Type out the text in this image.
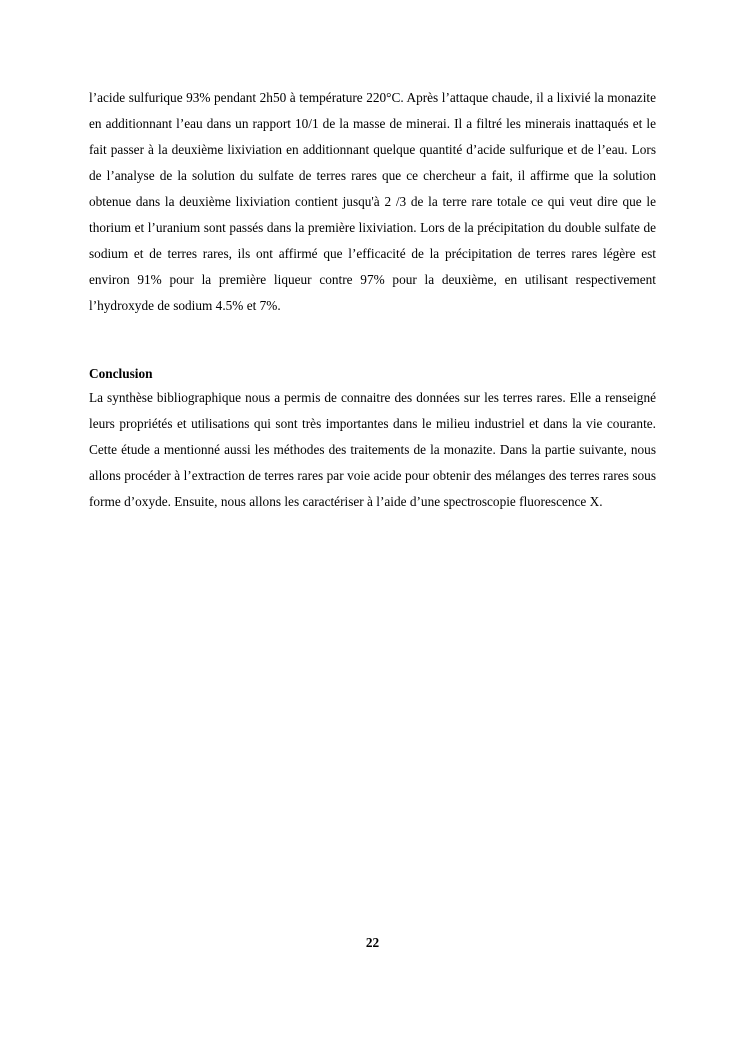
l’acide sulfurique 93% pendant 2h50 à température 220°C. Après l’attaque chaude, il a lixivié la monazite en additionnant l’eau dans un rapport 10/1 de la masse de minerai. Il a filtré les minerais inattaqués et le fait passer à la deuxième lixiviation en additionnant quelque quantité d’acide sulfurique et de l’eau. Lors de l’analyse de la solution du sulfate de terres rares que ce chercheur a fait, il affirme que la solution obtenue dans la deuxième lixiviation contient jusqu'à 2 /3 de la terre rare totale ce qui veut dire que le thorium et l’uranium sont passés dans la première lixiviation. Lors de la précipitation du double sulfate de sodium et de terres rares, ils ont affirmé que l’efficacité de la précipitation de terres rares légère est environ 91% pour la première liqueur contre 97% pour la deuxième, en utilisant respectivement l’hydroxyde de sodium 4.5% et 7%.

Conclusion

La synthèse bibliographique nous a permis de connaitre des données sur les terres rares. Elle a renseigné leurs propriétés et utilisations qui sont très importantes dans le milieu industriel et dans la vie courante. Cette étude a mentionné aussi les méthodes des traitements de la monazite. Dans la partie suivante, nous allons procéder à l’extraction de terres rares par voie acide pour obtenir des mélanges des terres rares sous forme d’oxyde. Ensuite, nous allons les caractériser à l’aide d’une spectroscopie fluorescence X.

22
